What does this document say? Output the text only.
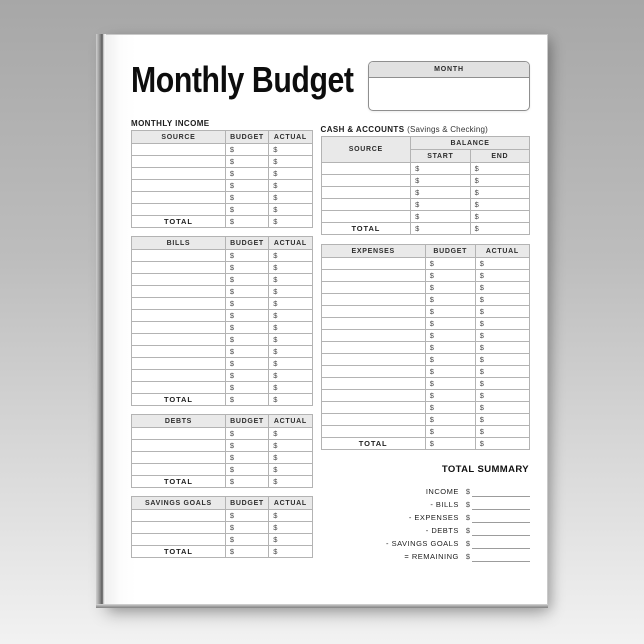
Monthly Budget	MONTH
MONTHLY INCOME
SOURCE	BUDGET	ACTUAL
	$	$
	$	$
	$	$
	$	$
	$	$
	$	$
TOTAL	$	$
BILLS	BUDGET	ACTUAL
	$	$
	$	$
	$	$
	$	$
	$	$
	$	$
	$	$
	$	$
	$	$
	$	$
	$	$
	$	$
TOTAL	$	$
DEBTS	BUDGET	ACTUAL
	$	$
	$	$
	$	$
	$	$
TOTAL	$	$
SAVINGS GOALS	BUDGET	ACTUAL
	$	$
	$	$
	$	$
TOTAL	$	$
CASH & ACCOUNTS (Savings & Checking)
SOURCE	BALANCE	
	START	END
	$	$
	$	$
	$	$
	$	$
	$	$
TOTAL	$	$
EXPENSES	BUDGET	ACTUAL
	$	$
	$	$
	$	$
	$	$
	$	$
	$	$
	$	$
	$	$
	$	$
	$	$
	$	$
	$	$
	$	$
	$	$
	$	$
TOTAL	$	$
TOTAL SUMMARY
INCOME $
- BILLS $
- EXPENSES $
- DEBTS $
- SAVINGS GOALS $
= REMAINING $
